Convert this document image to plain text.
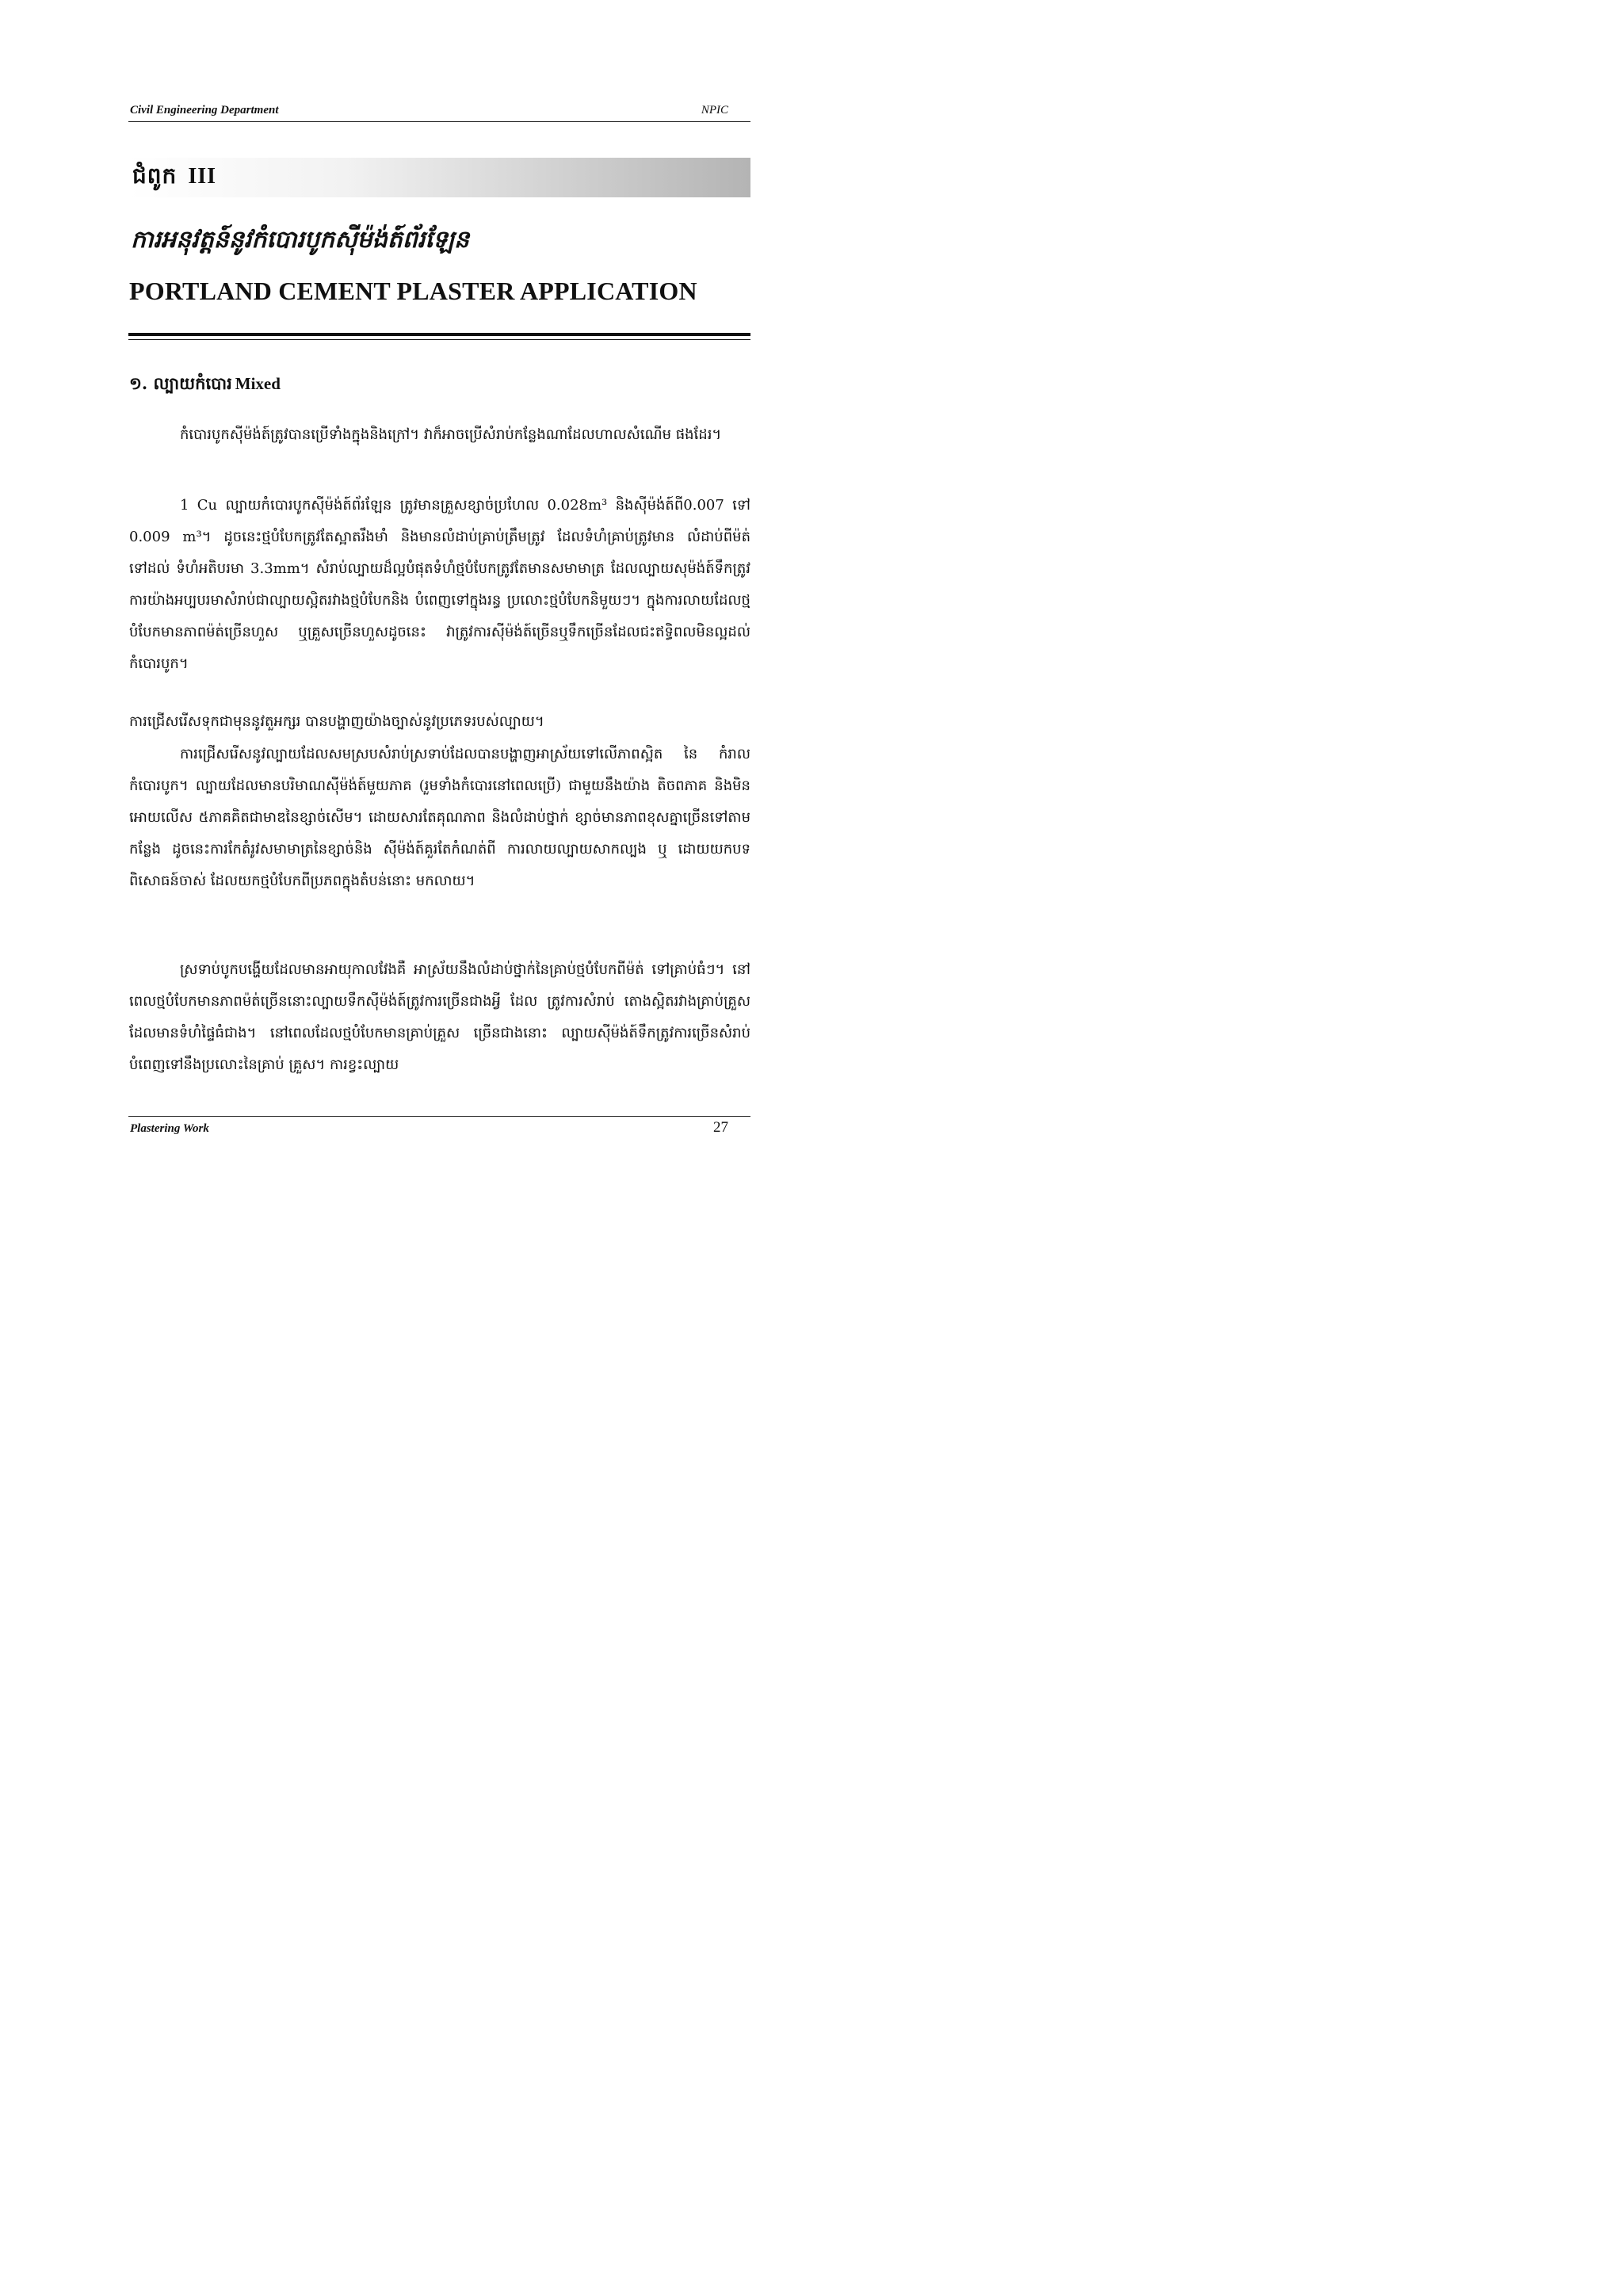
Civil Engineering Department	NPIC
ជំពូក III
ការអនុវត្តន៍នូវកំបោរបូកស៊ីម៉ង់ត៍ព័រឡែន
PORTLAND CEMENT PLASTER APPLICATION
១. ល្បាយកំបោរ Mixed

កំបោរបូកស៊ីម៉ង់ត៍ត្រូវបានប្រើទាំងក្នុងនិងក្រៅ។ វាក៏អាចប្រើសំរាប់កន្លែងណាដែលហាលសំណើម ផងដែរ។

1 Cu ល្បាយកំបោរបូកស៊ីម៉ង់ត៍ព័រឡែន ត្រូវមានគ្រួសខ្សាច់ប្រហែល 0.028m³ និងស៊ីម៉ង់ត៍ពី0.007 ទៅ 0.009 m³។ ដូចនេះថ្មបំបែកត្រូវតែស្អាតរឹងមាំ និងមានលំដាប់គ្រាប់ត្រឹមត្រូវ ដែលទំហំគ្រាប់ត្រូវមាន លំដាប់ពីម៉ត់ទៅដល់ ទំហំអតិបរមា 3.3mm។ សំរាប់ល្បាយដ៏ល្អបំផុតទំហំថ្មបំបែកត្រូវតែមានសមាមាត្រ ដែលល្បាយសុម៉ង់ត៍ទឹកត្រូវការយ៉ាងអប្បបរមាសំរាប់ជាល្បាយស្អិតរវាងថ្មបំបែកនិង បំពេញទៅក្នុងរន្ធ ប្រលោះថ្មបំបែកនិមួយៗ។ ក្នុងការលាយដែលថ្មបំបែកមានភាពម៉ត់ច្រើនហួស ឬគ្រួសច្រើនហួសដូចនេះ វាត្រូវការស៊ីម៉ង់ត៍ច្រើនឬទឹកច្រើនដែលជះឥទ្ធិពលមិនល្អដល់កំបោរបូក។

ការជ្រើសរើសទុកជាមុននូវតួអក្សរ បានបង្ហាញយ៉ាងច្បាស់នូវប្រភេទរបស់ល្បាយ។

ការជ្រើសរើសនូវល្បាយដែលសមស្របសំរាប់ស្រទាប់ដែលបានបង្ហាញអាស្រ័យទៅលើភាពស្អិត នៃ កំរាលកំបោរបូក។ ល្បាយដែលមានបរិមាណស៊ីម៉ង់ត៍មួយភាគ (រួមទាំងកំបោរនៅពេលប្រើ) ជាមួយនឹងយ៉ាង តិចពភាគ និងមិនអោយលើស ៥ភាគគិតជាមាឌនៃខ្សាច់សើម។ ដោយសារតែគុណភាព និងលំដាប់ថ្នាក់ ខ្សាច់មានភាពខុសគ្នាច្រើនទៅតាមកន្លែង ដូចនេះការកែតំរូវសមាមាត្រនៃខ្សាច់និង ស៊ីម៉ង់ត៍គួរតែកំណត់ពី ការលាយល្បាយសាកល្បង ឬ ដោយយកបទពិសោធន៍ចាស់ ដែលយកថ្មបំបែកពីប្រភពក្នុងតំបន់នោះ មកលាយ។

ស្រទាប់បូកបង្ហើយដែលមានអាយុកាលវែងគឺ អាស្រ័យនឹងលំដាប់ថ្នាក់នៃគ្រាប់ថ្មបំបែកពីម៉ត់ ទៅគ្រាប់ធំៗ។ នៅពេលថ្មបំបែកមានភាពម៉ត់ច្រើននោះល្បាយទឹកស៊ីម៉ង់ត៍ត្រូវការច្រើនជាងអ្វី ដែល ត្រូវការសំរាប់ តោងស្អិតរវាងគ្រាប់គ្រួសដែលមានទំហំផ្ទៃធំជាង។ នៅពេលដែលថ្មបំបែកមានគ្រាប់គ្រួស ច្រើនជាងនោះ ល្បាយស៊ីម៉ង់ត៍ទឹកត្រូវការច្រើនសំរាប់បំពេញទៅនឹងប្រលោះនៃគ្រាប់ គ្រួស។ ការខ្វះល្បាយ

Plastering Work	27
